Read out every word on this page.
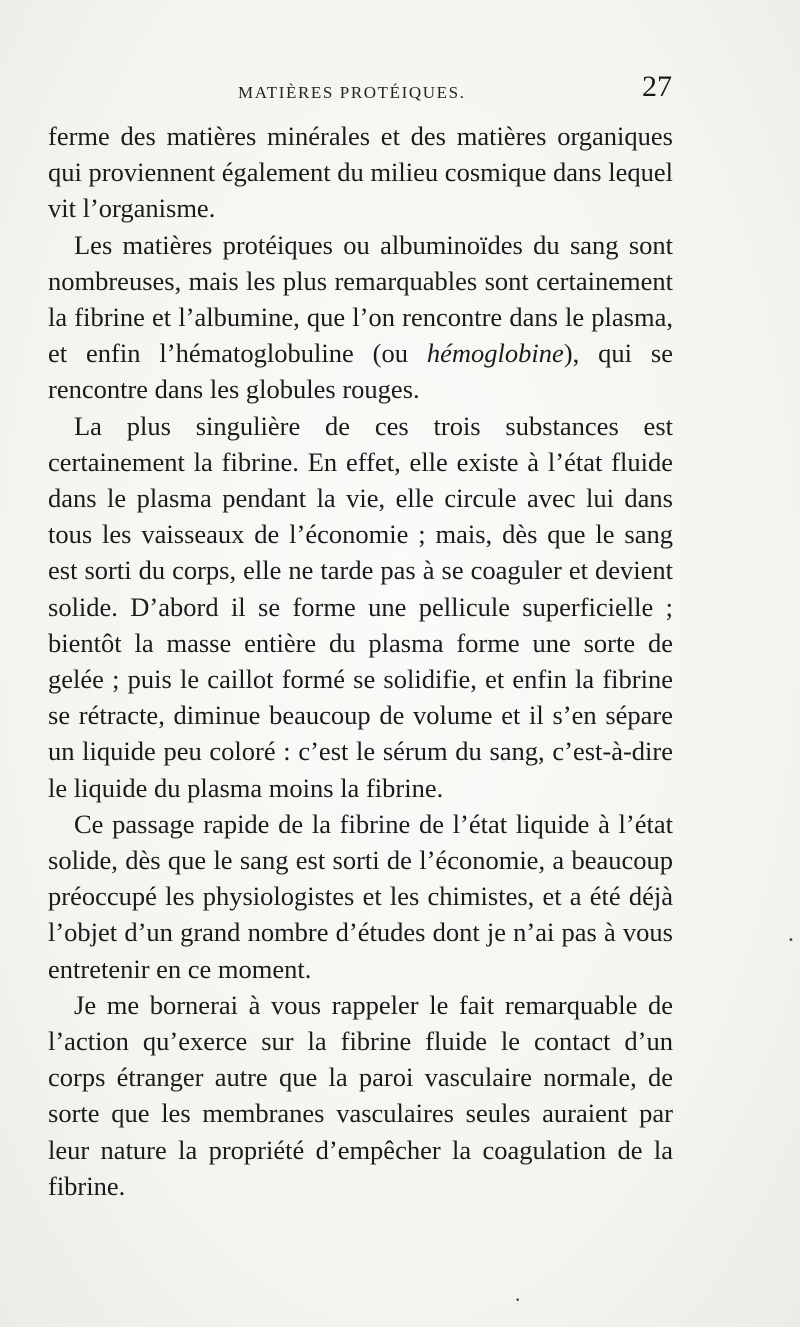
MATIÈRES PROTÉIQUES.	27

ferme des matières minérales et des matières organiques qui proviennent également du milieu cosmique dans lequel vit l’organisme.

Les matières protéiques ou albuminoïdes du sang sont nombreuses, mais les plus remarquables sont certainement la fibrine et l’albumine, que l’on rencontre dans le plasma, et enfin l’hématoglobuline (ou hémoglobine), qui se rencontre dans les globules rouges.

La plus singulière de ces trois substances est certainement la fibrine. En effet, elle existe à l’état fluide dans le plasma pendant la vie, elle circule avec lui dans tous les vaisseaux de l’économie ; mais, dès que le sang est sorti du corps, elle ne tarde pas à se coaguler et devient solide. D’abord il se forme une pellicule superficielle ; bientôt la masse entière du plasma forme une sorte de gelée ; puis le caillot formé se solidifie, et enfin la fibrine se rétracte, diminue beaucoup de volume et il s’en sépare un liquide peu coloré : c’est le sérum du sang, c’est-à-dire le liquide du plasma moins la fibrine.

Ce passage rapide de la fibrine de l’état liquide à l’état solide, dès que le sang est sorti de l’économie, a beaucoup préoccupé les physiologistes et les chimistes, et a été déjà l’objet d’un grand nombre d’études dont je n’ai pas à vous entretenir en ce moment.

Je me bornerai à vous rappeler le fait remarquable de l’action qu’exerce sur la fibrine fluide le contact d’un corps étranger autre que la paroi vasculaire normale, de sorte que les membranes vasculaires seules auraient par leur nature la propriété d’empêcher la coagulation de la fibrine.

•
•
